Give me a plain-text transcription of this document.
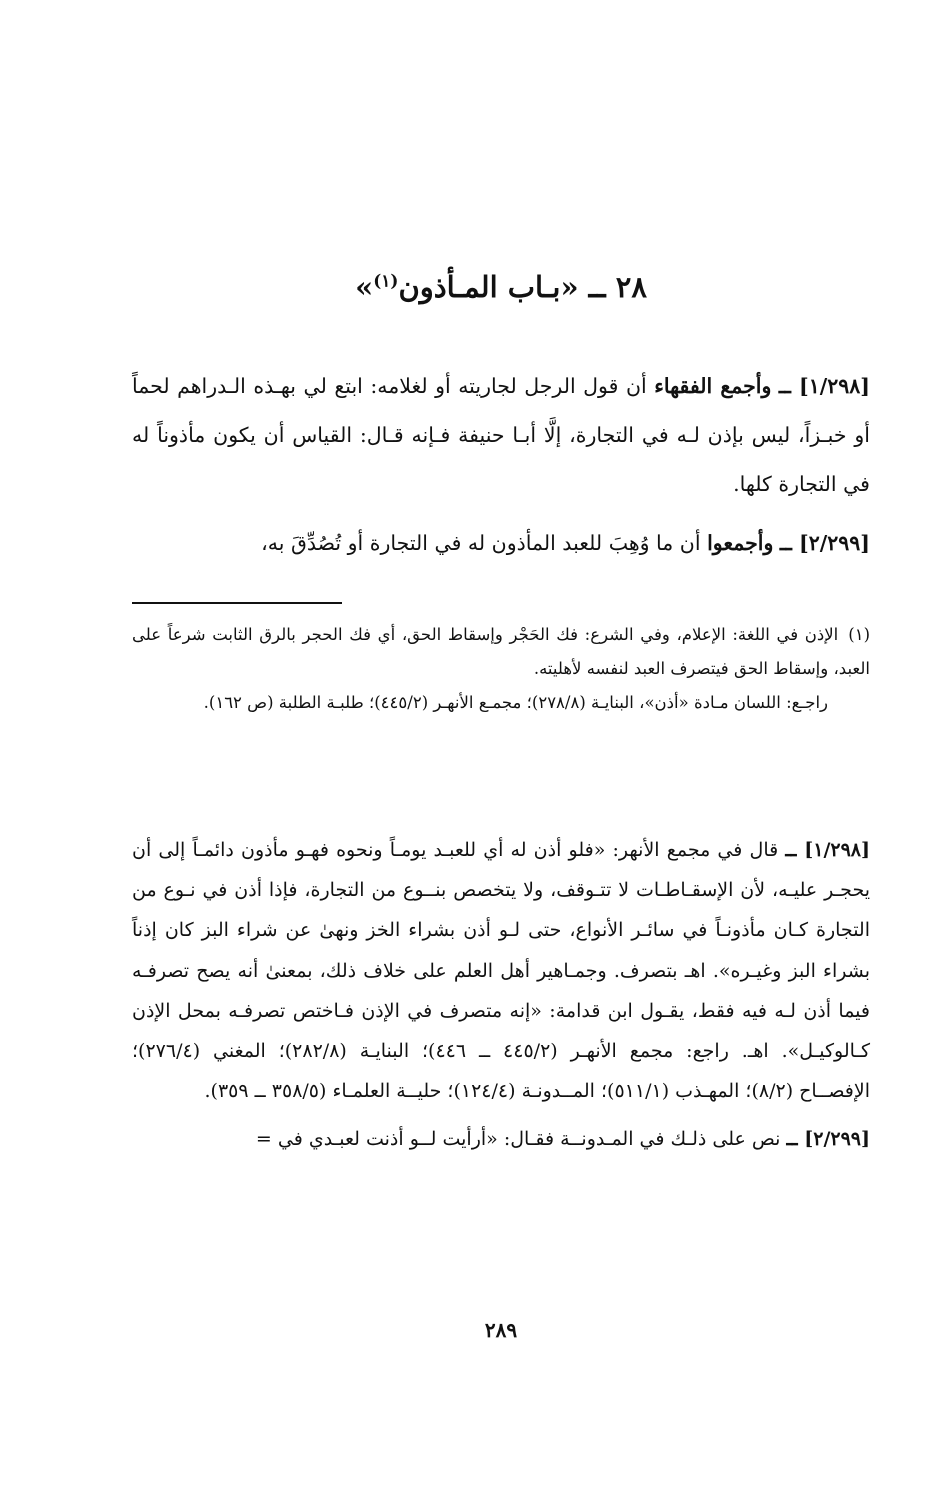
٢٨ ــ «بـاب المـأذون$^{(١)}$»

[١/٢٩٨] ــ وأجمع الفقهاء أن قول الرجل لجاريته أو لغلامه: ابتع لي بهـذه الـدراهم لحماً أو خبـزاً، ليس بإذن لـه في التجارة، إلَّا أبـا حنيفة فـإنه قـال: القياس أن يكون مأذوناً له في التجارة كلها.

[٢/٢٩٩] ــ وأجمعوا أن ما وُهِبَ للعبد المأذون له في التجارة أو تُصُدِّقَ به،

(١)الإذن في اللغة: الإعلام، وفي الشرع: فك الحَجْر وإسقاط الحق، أي فك الحجر بالرق الثابت شرعاً على العبد، وإسقاط الحق فيتصرف العبد لنفسه لأهليته.

راجـع: اللسان مـادة «أذن»، البنايـة (٢٧٨/٨)؛ مجمـع الأنهـر (٤٤٥/٢)؛ طلبـة الطلبة (ص ١٦٢).

[١/٢٩٨] ــ قال في مجمع الأنهر: «فلو أذن له أي للعبـد يومـاً ونحوه فهـو مأذون دائمـاً إلى أن يحجـر عليـه، لأن الإسقـاطـات لا تتـوقف، ولا يتخصص بنــوع من التجارة، فإذا أذن في نـوع من التجارة كـان مأذونـاً في سائـر الأنواع، حتى لـو أذن بشراء الخز ونهىٰ عن شراء البز كان إذناً بشراء البز وغيـره». اهـ بتصرف. وجمـاهير أهل العلم على خلاف ذلك، بمعنىٰ أنه يصح تصرفـه فيما أذن لـه فيه فقط، يقـول ابن قدامة: «إنه متصرف في الإذن فـاختص تصرفـه بمحل الإذن كـالوكيـل». اهـ. راجع: مجمع الأنهـر (٤٤٥/٢ ــ ٤٤٦)؛ البنايـة (٢٨٢/٨)؛ المغني (٢٧٦/٤)؛ الإفصــاح (٨/٢)؛ المهـذب (٥١١/١)؛ المــدونـة (١٢٤/٤)؛ حليــة العلمـاء (٣٥٨/٥ ــ ٣٥٩).

[٢/٢٩٩] ــ نص على ذلـك في المـدونــة فقـال: «أرأيت لــو أذنت لعبـدي في =

٢٨٩
